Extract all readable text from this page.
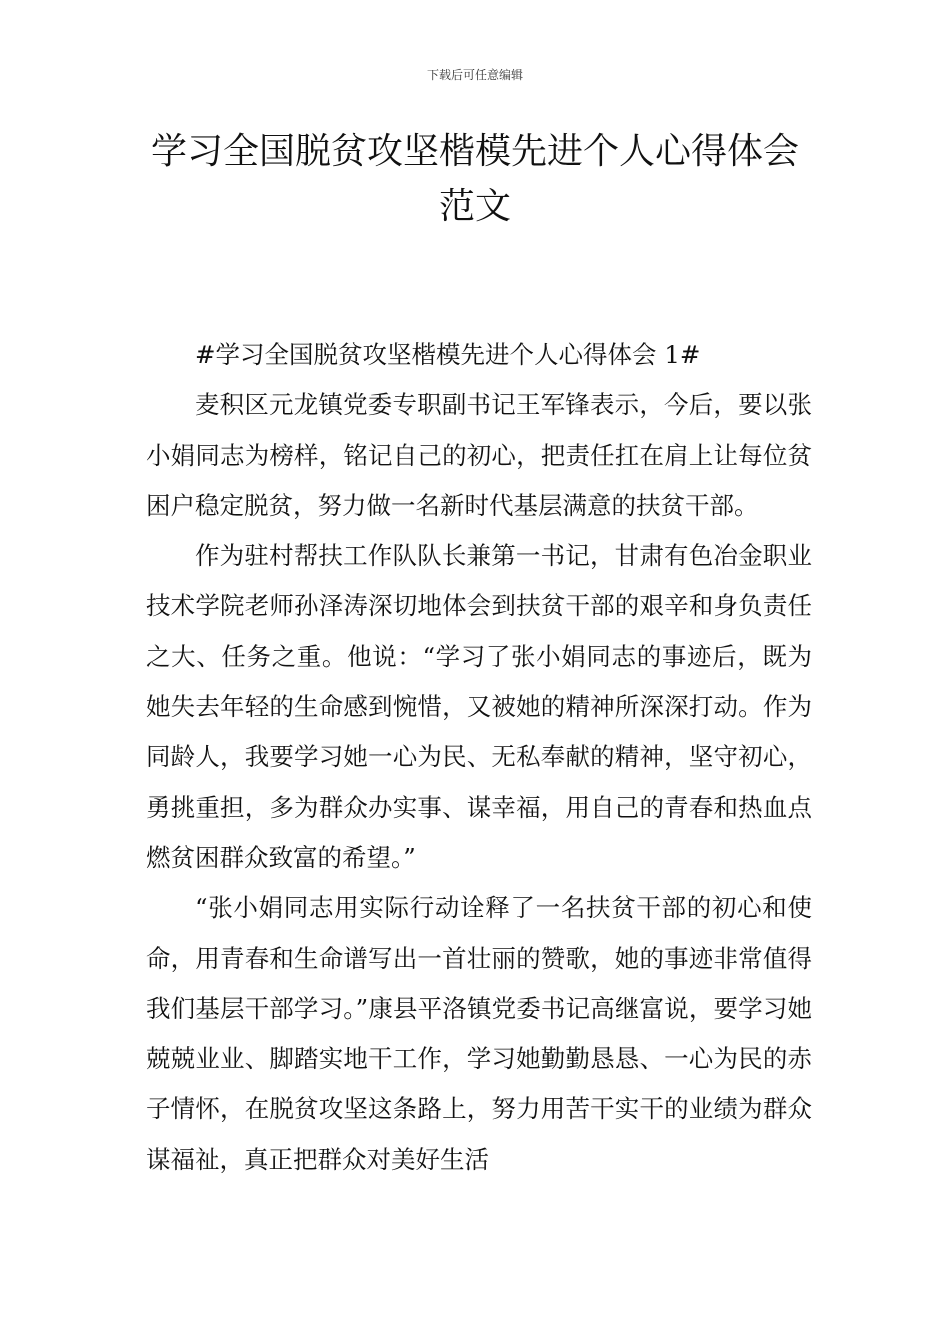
下载后可任意编辑
学习全国脱贫攻坚楷模先进个人心得体会
范文

#学习全国脱贫攻坚楷模先进个人心得体会 1#

麦积区元龙镇党委专职副书记王军锋表示，今后，要以张小娟同志为榜样，铭记自己的初心，把责任扛在肩上让每位贫困户稳定脱贫，努力做一名新时代基层满意的扶贫干部。

作为驻村帮扶工作队队长兼第一书记，甘肃有色冶金职业技术学院老师孙泽涛深切地体会到扶贫干部的艰辛和身负责任之大、任务之重。他说：“学习了张小娟同志的事迹后，既为她失去年轻的生命感到惋惜，又被她的精神所深深打动。作为同龄人，我要学习她一心为民、无私奉献的精神，坚守初心，勇挑重担，多为群众办实事、谋幸福，用自己的青春和热血点燃贫困群众致富的希望。”

“张小娟同志用实际行动诠释了一名扶贫干部的初心和使命，用青春和生命谱写出一首壮丽的赞歌，她的事迹非常值得我们基层干部学习。”康县平洛镇党委书记高继富说，要学习她兢兢业业、脚踏实地干工作，学习她勤勤恳恳、一心为民的赤子情怀，在脱贫攻坚这条路上，努力用苦干实干的业绩为群众谋福祉，真正把群众对美好生活
